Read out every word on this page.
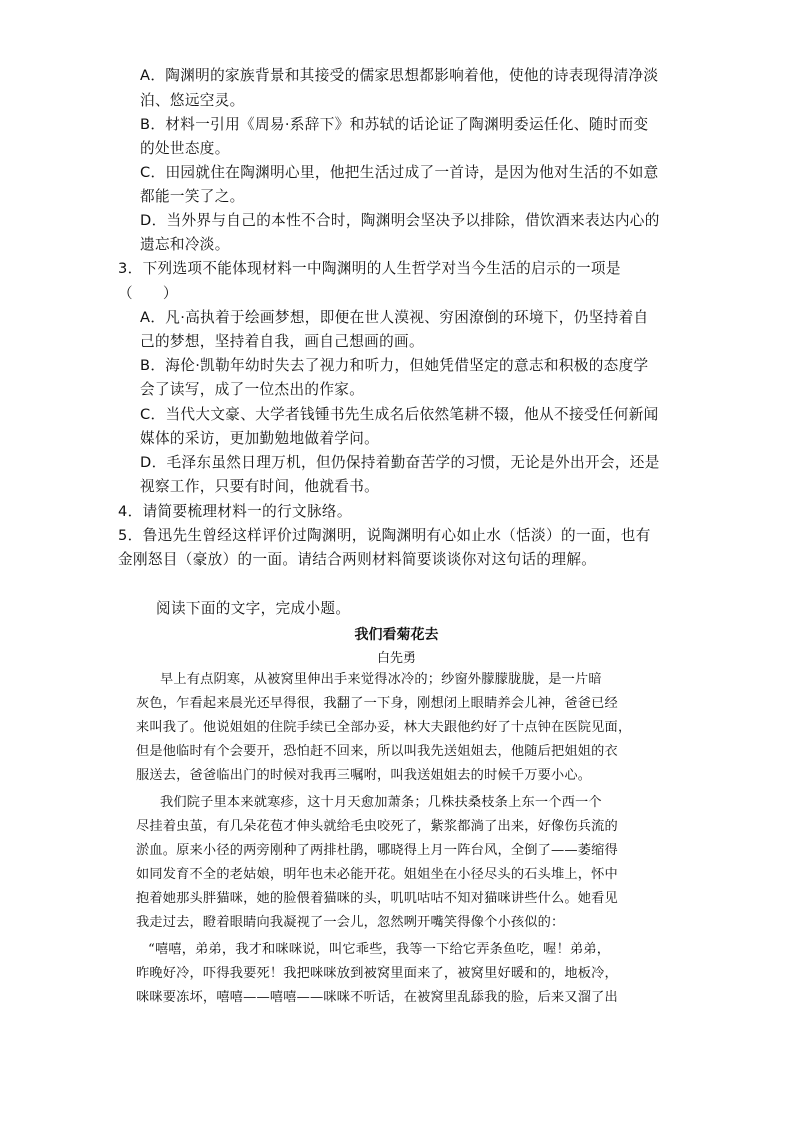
A．陶渊明的家族背景和其接受的儒家思想都影响着他，使他的诗表现得清净淡
泊、悠远空灵。
B．材料一引用《周易·系辞下》和苏轼的话论证了陶渊明委运任化、随时而变
的处世态度。
C．田园就住在陶渊明心里，他把生活过成了一首诗，是因为他对生活的不如意
都能一笑了之。
D．当外界与自己的本性不合时，陶渊明会坚决予以排除，借饮酒来表达内心的
遗忘和冷淡。
3．下列选项不能体现材料一中陶渊明的人生哲学对当今生活的启示的一项是
（　　）
A．凡·高执着于绘画梦想，即便在世人漠视、穷困潦倒的环境下，仍坚持着自
己的梦想，坚持着自我，画自己想画的画。
B．海伦·凯勒年幼时失去了视力和听力，但她凭借坚定的意志和积极的态度学
会了读写，成了一位杰出的作家。
C．当代大文豪、大学者钱锺书先生成名后依然笔耕不辍，他从不接受任何新闻
媒体的采访，更加勤勉地做着学问。
D．毛泽东虽然日理万机，但仍保持着勤奋苦学的习惯，无论是外出开会，还是
视察工作，只要有时间，他就看书。
4．请简要梳理材料一的行文脉络。
5．鲁迅先生曾经这样评价过陶渊明，说陶渊明有心如止水（恬淡）的一面，也有
金刚怒目（豪放）的一面。请结合两则材料简要谈谈你对这句话的理解。
阅读下面的文字，完成小题。
我们看菊花去
白先勇
早上有点阴寒，从被窝里伸出手来觉得冰冷的；纱窗外朦朦胧胧，是一片暗
灰色，乍看起来晨光还早得很，我翻了一下身，刚想闭上眼睛养会儿神，爸爸已经
来叫我了。他说姐姐的住院手续已全部办妥，林大夫跟他约好了十点钟在医院见面，
但是他临时有个会要开，恐怕赶不回来，所以叫我先送姐姐去，他随后把姐姐的衣
服送去，爸爸临出门的时候对我再三嘱咐，叫我送姐姐去的时候千万要小心。
我们院子里本来就寒疹，这十月天愈加萧条；几株扶桑枝条上东一个西一个
尽挂着虫茧，有几朵花苞才伸头就给毛虫咬死了，紫浆都淌了出来，好像伤兵流的
淤血。原来小径的两旁刚种了两排杜鹃，哪晓得上月一阵台风，全倒了——萎缩得
如同发育不全的老姑娘，明年也未必能开花。姐姐坐在小径尽头的石头堆上，怀中
抱着她那头胖猫咪，她的脸偎着猫咪的头，叽叽咕咕不知对猫咪讲些什么。她看见
我走过去，瞪着眼睛向我凝视了一会儿，忽然咧开嘴笑得像个小孩似的：
“嘻嘻，弟弟，我才和咪咪说，叫它乖些，我等一下给它弄条鱼吃，喔！弟弟，
昨晚好冷，吓得我要死！我把咪咪放到被窝里面来了，被窝里好暖和的，地板冷，
咪咪要冻坏，嘻嘻——嘻嘻——咪咪不听话，在被窝里乱舔我的脸，后来又溜了出
